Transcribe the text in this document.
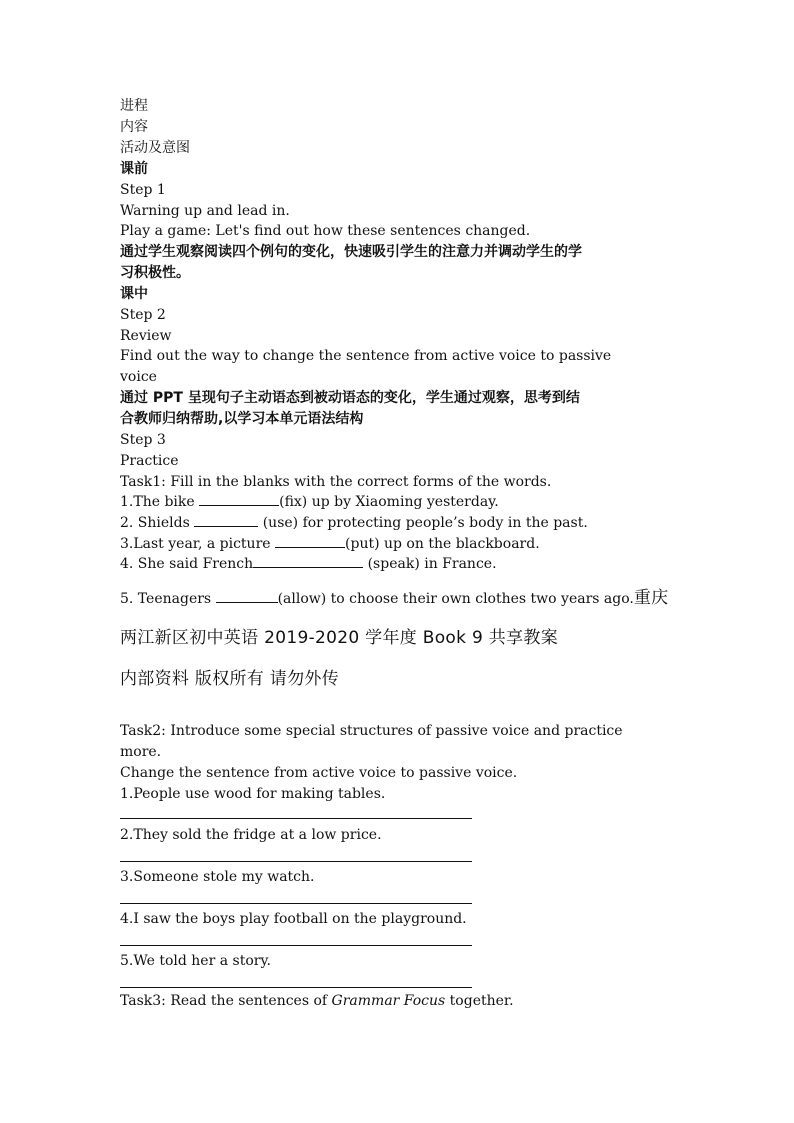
进程
内容
活动及意图
课前
Step 1
Warning up and lead in.
Play a game: Let's find out how these sentences changed.
通过学生观察阅读四个例句的变化，快速吸引学生的注意力并调动学生的学
习积极性。
课中
Step 2
Review
Find out the way to change the sentence from active voice to passive
voice
通过 PPT 呈现句子主动语态到被动语态的变化，学生通过观察，思考到结
合教师归纳帮助,以学习本单元语法结构
Step 3
Practice
Task1: Fill in the blanks with the correct forms of the words.
1.The bike	(fix) up by Xiaoming yesterday.
2. Shields	(use) for protecting people’s body in the past.
3.Last year, a picture	(put) up on the blackboard.
4. She said French	(speak) in France.
5. Teenagers	(allow) to choose their own clothes two years ago.重庆
两江新区初中英语 2019-2020 学年度 Book 9 共享教案
内部资料 版权所有 请勿外传
Task2: Introduce some special structures of passive voice and practice
more.
Change the sentence from active voice to passive voice.
1.People use wood for making tables.
2.They sold the fridge at a low price.
3.Someone stole my watch.
4.I saw the boys play football on the playground.
5.We told her a story.
Task3: Read the sentences of Grammar Focus together.
